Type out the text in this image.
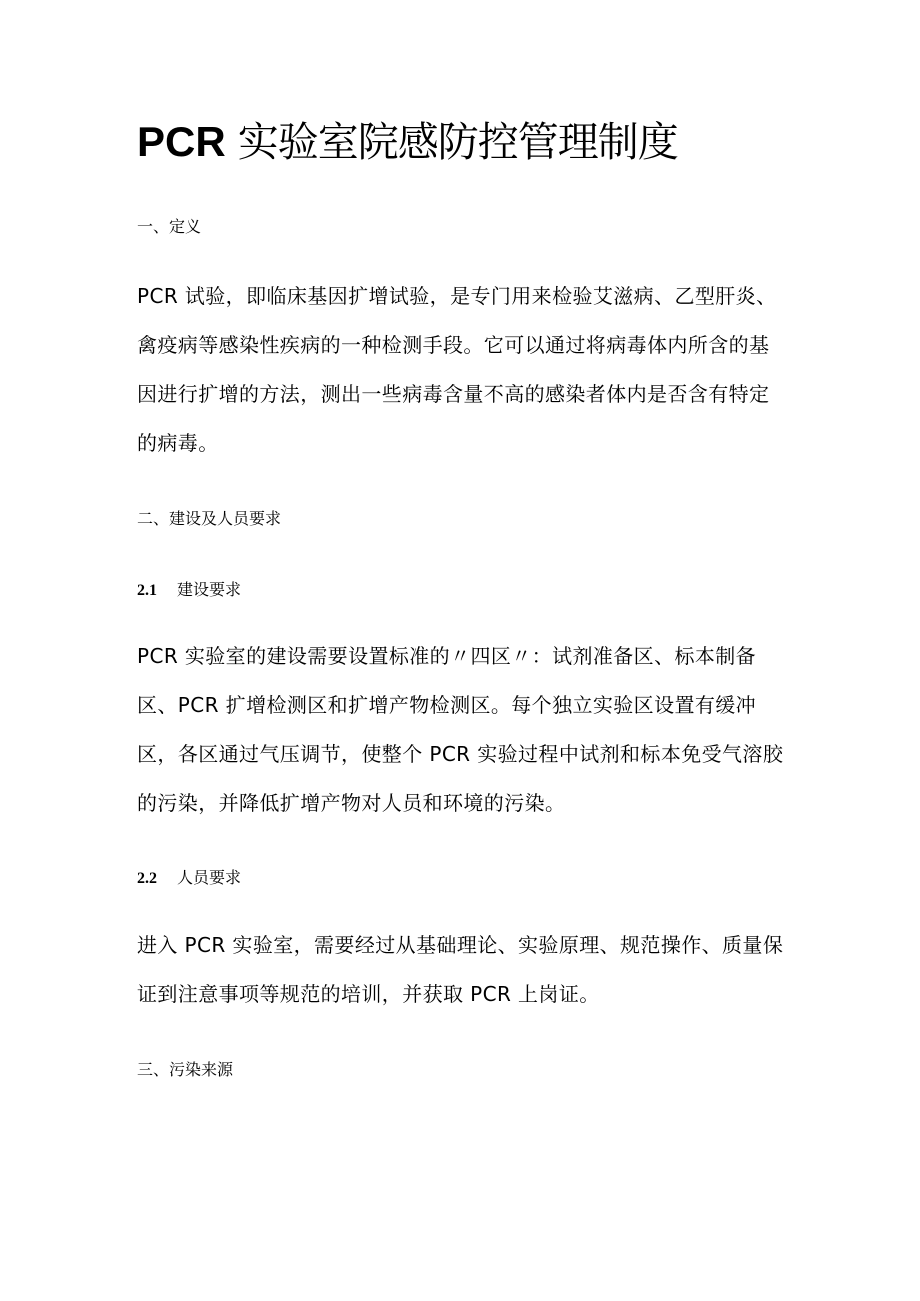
PCR 实验室院感防控管理制度
一、定义

PCR 试验，即临床基因扩增试验，是专门用来检验艾滋病、乙型肝炎、禽疫病等感染性疾病的一种检测手段。它可以通过将病毒体内所含的基因进行扩增的方法，测出一些病毒含量不高的感染者体内是否含有特定的病毒。

二、建设及人员要求
2.1 建设要求

PCR 实验室的建设需要设置标准的〃四区〃：试剂准备区、标本制备区、PCR 扩增检测区和扩增产物检测区。每个独立实验区设置有缓冲区，各区通过气压调节，使整个 PCR 实验过程中试剂和标本免受气溶胶的污染，并降低扩增产物对人员和环境的污染。

2.2 人员要求

进入 PCR 实验室，需要经过从基础理论、实验原理、规范操作、质量保证到注意事项等规范的培训，并获取 PCR 上岗证。

三、污染来源
